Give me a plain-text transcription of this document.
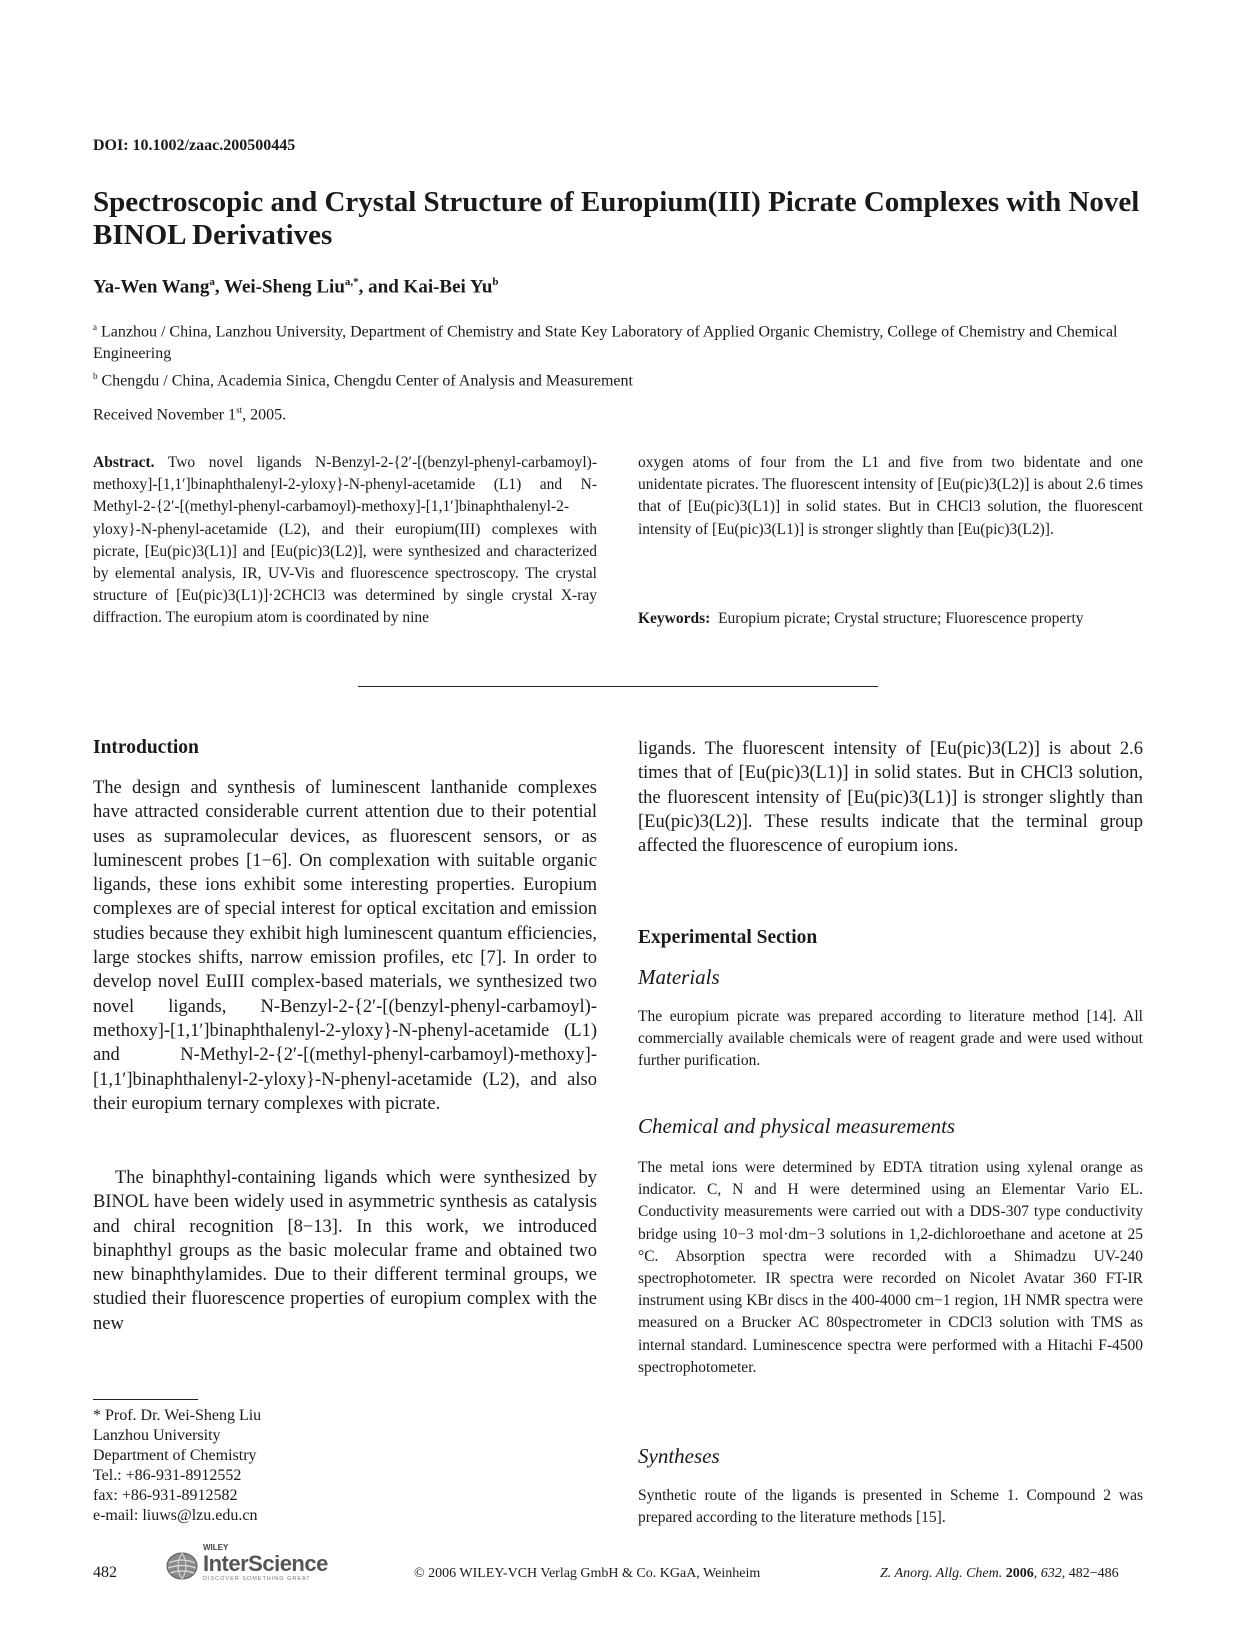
DOI: 10.1002/zaac.200500445
Spectroscopic and Crystal Structure of Europium(III) Picrate Complexes with Novel BINOL Derivatives
Ya-Wen Wang$^a$, Wei-Sheng Liu$^{a,*}$, and Kai-Bei Yu$^b$
$^a$ Lanzhou / China, Lanzhou University, Department of Chemistry and State Key Laboratory of Applied Organic Chemistry, College of Chemistry and Chemical Engineering
$^b$ Chengdu / China, Academia Sinica, Chengdu Center of Analysis and Measurement
Received November 1st, 2005.
Abstract. Two novel ligands N-Benzyl-2-{2′-[(benzyl-phenyl-carbamoyl)-methoxy]-[1,1′]binaphthalenyl-2-yloxy}-N-phenyl-acetamide (L1) and N-Methyl-2-{2′-[(methyl-phenyl-carbamoyl)-methoxy]-[1,1′]binaphthalenyl-2-yloxy}-N-phenyl-acetamide (L2), and their europium(III) complexes with picrate, [Eu(pic)3(L1)] and [Eu(pic)3(L2)], were synthesized and characterized by elemental analysis, IR, UV-Vis and fluorescence spectroscopy. The crystal structure of [Eu(pic)3(L1)]·2CHCl3 was determined by single crystal X-ray diffraction. The europium atom is coordinated by nine
oxygen atoms of four from the L1 and five from two bidentate and one unidentate picrates. The fluorescent intensity of [Eu(pic)3(L2)] is about 2.6 times that of [Eu(pic)3(L1)] in solid states. But in CHCl3 solution, the fluorescent intensity of [Eu(pic)3(L1)] is stronger slightly than [Eu(pic)3(L2)].
Keywords: Europium picrate; Crystal structure; Fluorescence property
Introduction
The design and synthesis of luminescent lanthanide complexes have attracted considerable current attention due to their potential uses as supramolecular devices, as fluorescent sensors, or as luminescent probes [1−6]. On complexation with suitable organic ligands, these ions exhibit some interesting properties. Europium complexes are of special interest for optical excitation and emission studies because they exhibit high luminescent quantum efficiencies, large stockes shifts, narrow emission profiles, etc [7]. In order to develop novel EuIII complex-based materials, we synthesized two novel ligands, N-Benzyl-2-{2′-[(benzyl-phenyl-carbamoyl)-methoxy]-[1,1′]binaphthalenyl-2-yloxy}-N-phenyl-acetamide (L1) and N-Methyl-2-{2′-[(methyl-phenyl-carbamoyl)-methoxy]-[1,1′]binaphthalenyl-2-yloxy}-N-phenyl-acetamide (L2), and also their europium ternary complexes with picrate.
The binaphthyl-containing ligands which were synthesized by BINOL have been widely used in asymmetric synthesis as catalysis and chiral recognition [8−13]. In this work, we introduced binaphthyl groups as the basic molecular frame and obtained two new binaphthylamides. Due to their different terminal groups, we studied their fluorescence properties of europium complex with the new
ligands. The fluorescent intensity of [Eu(pic)3(L2)] is about 2.6 times that of [Eu(pic)3(L1)] in solid states. But in CHCl3 solution, the fluorescent intensity of [Eu(pic)3(L1)] is stronger slightly than [Eu(pic)3(L2)]. These results indicate that the terminal group affected the fluorescence of europium ions.
Experimental Section
Materials
The europium picrate was prepared according to literature method [14]. All commercially available chemicals were of reagent grade and were used without further purification.
Chemical and physical measurements
The metal ions were determined by EDTA titration using xylenal orange as indicator. C, N and H were determined using an Elementar Vario EL. Conductivity measurements were carried out with a DDS-307 type conductivity bridge using 10−3 mol·dm−3 solutions in 1,2-dichloroethane and acetone at 25 °C. Absorption spectra were recorded with a Shimadzu UV-240 spectrophotometer. IR spectra were recorded on Nicolet Avatar 360 FT-IR instrument using KBr discs in the 400-4000 cm−1 region, 1H NMR spectra were measured on a Brucker AC 80spectrometer in CDCl3 solution with TMS as internal standard. Luminescence spectra were performed with a Hitachi F-4500 spectrophotometer.
Syntheses
Synthetic route of the ligands is presented in Scheme 1. Compound 2 was prepared according to the literature methods [15].
* Prof. Dr. Wei-Sheng Liu
Lanzhou University
Department of Chemistry
Tel.: +86-931-8912552
fax: +86-931-8912582
e-mail: liuws@lzu.edu.cn
482
WILEY
InterScience
DISCOVER SOMETHING GREAT	© 2006 WILEY-VCH Verlag GmbH & Co. KGaA, Weinheim	Z. Anorg. Allg. Chem. 2006, 632, 482−486
